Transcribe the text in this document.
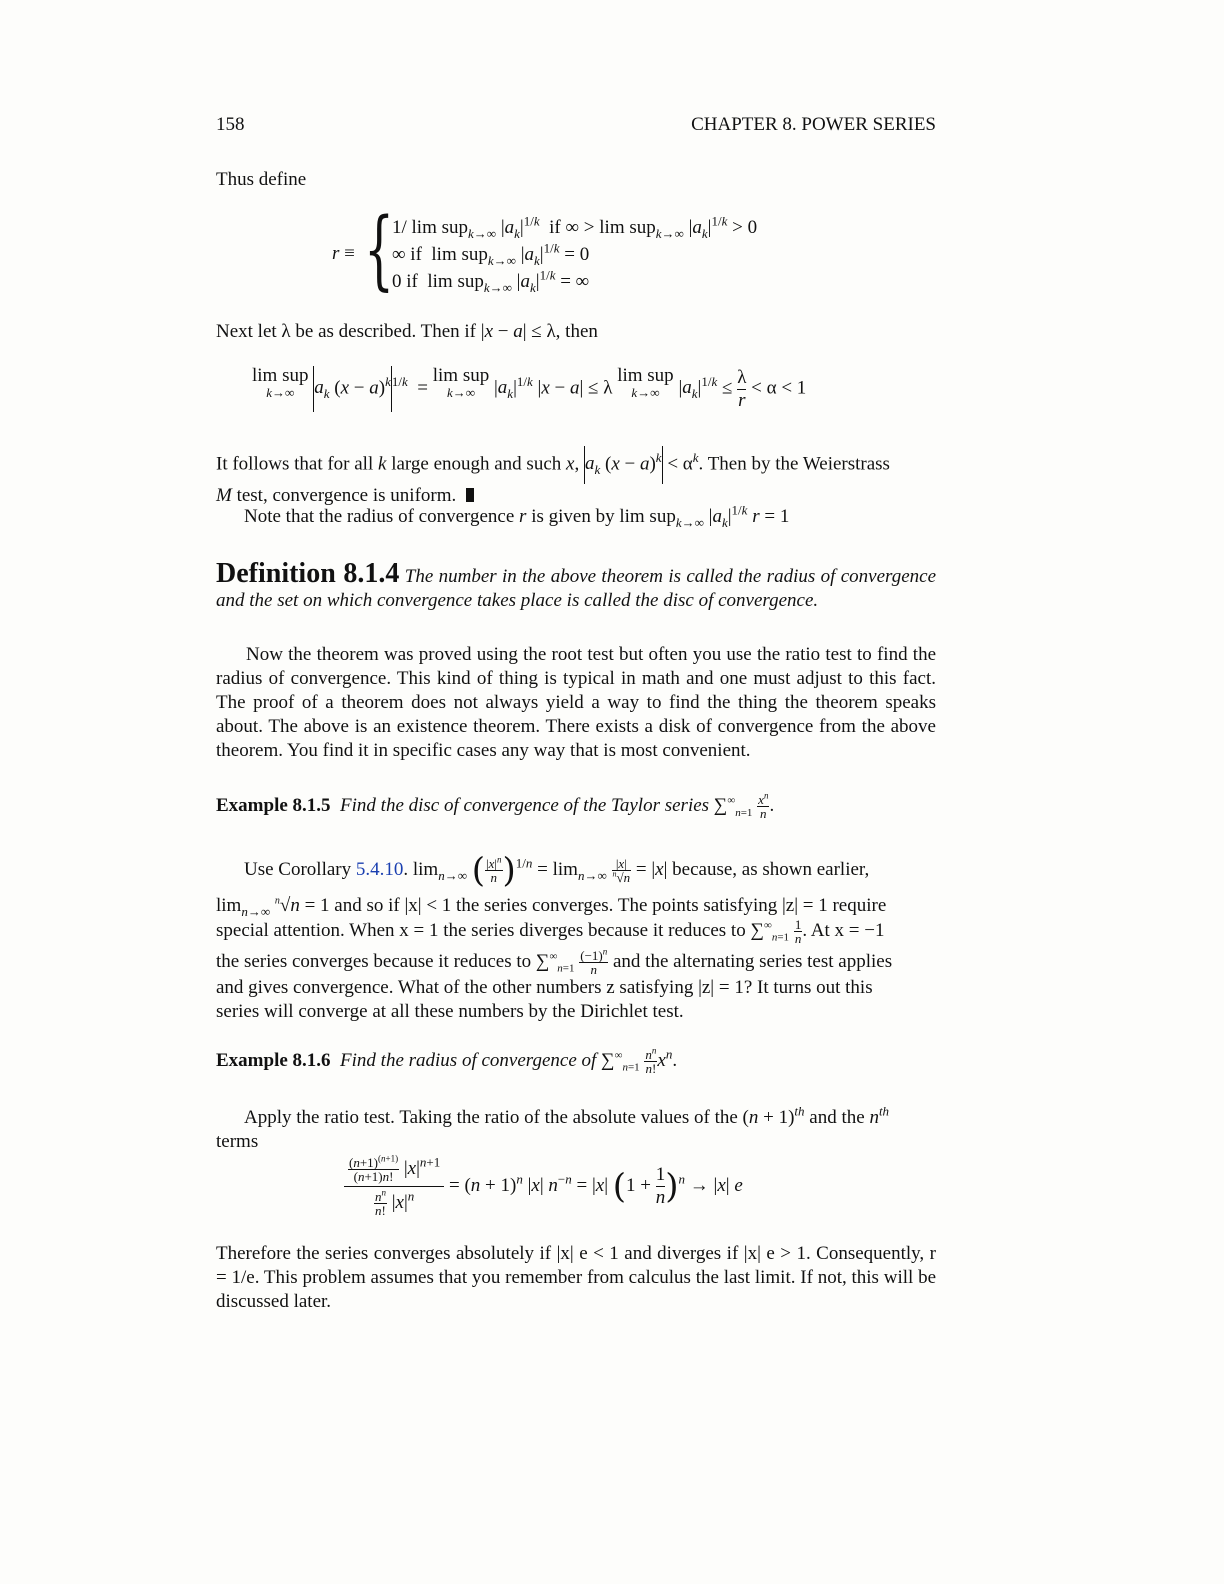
158	CHAPTER 8. POWER SERIES
Thus define
r ≡ {
1/ lim sup$_{k\to\infty}$ $|a_k|^{1/k}$  if ∞ > lim sup$_{k\to\infty}$ $|a_k|^{1/k} > 0$
∞ if  lim sup$_{k\to\infty}$ $|a_k|^{1/k} = 0$
0 if  lim sup$_{k\to\infty}$ $|a_k|^{1/k}$ = ∞
Next let λ be as described. Then if |x − a| ≤ λ, then
lim sup
k→∞	$a_k$ $(x - a)^{k1/k} = \lim$ sup
k→∞ $|a_k|^{1/k}$ |x − a| ≤ λ lim sup
k→∞ $|a_k|^{1/k} \le \frac{\lambda}{r} < \alpha < 1$
It follows that for all k large enough and such x, $a_k$ $(x - a)^k < \alpha^k$. Then by the Weierstrass
M test, convergence is uniform.
Note that the radius of convergence r is given by lim sup$_{k\to\infty}$ $|a_k|^{1/k}$ r = 1
Definition 8.1.4 The number in the above theorem is called the radius of convergence and the set on which convergence takes place is called the disc of convergence.
Now the theorem was proved using the root test but often you use the ratio test to find the radius of convergence. This kind of thing is typical in math and one must adjust to this fact. The proof of a theorem does not always yield a way to find the thing the theorem speaks about. The above is an existence theorem. There exists a disk of convergence from the above theorem. You find it in specific cases any way that is most convenient.
Example 8.1.5 Find the disc of convergence of the Taylor series $\sum^\infty_{n=1} \frac{x^n}{n}$ .
Use Corollary 5.4.10. $\lim_{n\to\infty}$ ( $\frac{|x|^n}{n} )^{1/n} = \lim_{n\to\infty} \frac{|x|}{^n√n} = |x|$ because, as shown earlier,
$\lim_{n\to\infty} ^n√n = 1$ and so if |x| < 1 the series converges. The points satisfying |z| = 1 require
special attention. When x = 1 the series diverges because it reduces to $\sum^\infty_{n=1} \frac{1}{n}$ . At x = −1
the series converges because it reduces to $\sum^\infty_{n=1} \frac{(-1)^n}{n}$ and the alternating series test applies
and gives convergence. What of the other numbers z satisfying |z| = 1? It turns out this
series will converge at all these numbers by the Dirichlet test.
Example 8.1.6 Find the radius of convergence of $\sum^\infty_{n=1} \frac{n^n}{n!} x^n$.
Apply the ratio test. Taking the ratio of the absolute values of the $(n + 1)^{th}$ and the $n^{th}$
terms
$\frac{(n+1)^{(n+1)}}{(n+1)n!} |x|^{n+1}$
$\frac{n^n}{n!} |x|^n$
= $(n + 1)^n$ |x| $n^{-n} = |x|$ $(1 + \frac{1}{n} )^n \to |x|$ e
Therefore the series converges absolutely if |x| e < 1 and diverges if |x| e > 1. Consequently, r = 1/e. This problem assumes that you remember from calculus the last limit. If not, this will be discussed later.
